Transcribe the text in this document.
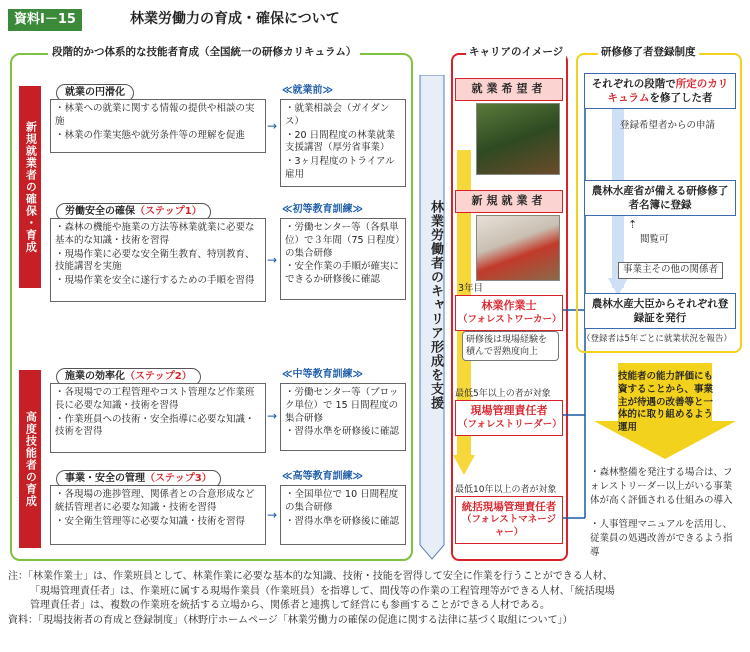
資料Ⅰ－15	林業労働力の育成・確保について
段階的かつ体系的な技能者育成（全国統一の研修カリキュラム）
新規就業者の確保・育成
高度技能者の育成
就業の円滑化
・林業への就業に関する情報の提供や相談の実施
・林業の作業実態や就労条件等の理解を促進
→
≪就業前≫
・就業相談会（ガイダンス）
・20 日間程度の林業就業支援講習（厚労省事業）
・3ヶ月程度のトライアル雇用
労働安全の確保（ステップ1）
・森林の機能や施業の方法等林業就業に必要な基本的な知識・技術を習得
・現場作業に必要な安全衛生教育、特別教育、技能講習を実施
・現場作業を安全に遂行するための手順を習得
→
≪初等教育訓練≫
・労働センター等（各県単位）で３年間（75 日程度）の集合研修
・安全作業の手順が確実にできるか研修後に確認
施業の効率化（ステップ2）
・各現場での工程管理やコスト管理など作業班長に必要な知識・技術を習得
・作業班員への技術・安全指導に必要な知識・技術を習得
→
≪中等教育訓練≫
・労働センター等（ブロック単位）で 15 日間程度の集合研修
・習得水準を研修後に確認
事業・安全の管理（ステップ3）
・各現場の進捗管理、関係者との合意形成など統括管理者に必要な知識・技術を習得
・安全衛生管理等に必要な知識・技術を習得	→
≪高等教育訓練≫
・全国単位で 10 日間程度の集合研修
・習得水準を研修後に確認
林業労働者のキャリア形成を支援
キャリアのイメージ
就業希望者
新規就業者
3年目
林業作業士
（フォレストワーカー）
研修後は現場経験を積んで習熟度向上
最低5年以上の者が対象
現場管理責任者
（フォレストリーダー）
最低10年以上の者が対象
統括現場管理責任者
（フォレストマネージャー）
研修修了者登録制度
それぞれの段階で所定のカリキュラムを修了した者
登録希望者からの申請
農林水産省が備える研修修了者名簿に登録
⇡
閲覧可
事業主その他の関係者
農林水産大臣からそれぞれ登録証を発行
（登録者は5年ごとに就業状況を報告）
技能者の能力評価にも資することから、事業主が待遇の改善等と一体的に取り組めるよう運用
・森林整備を発注する場合は、フォレストリーダー以上がいる事業体が高く評価される仕組みの導入
・人事管理マニュアルを活用し、従業員の処遇改善ができるよう指導
注：「林業作業士」は、作業班員として、林業作業に必要な基本的な知識、技術・技能を習得して安全に作業を行うことができる人材、
「現場管理責任者」は、作業班に属する現場作業員（作業班員）を指導して、間伐等の作業の工程管理等ができる人材、「統括現場
管理責任者」は、複数の作業班を統括する立場から、関係者と連携して経営にも参画することができる人材である。
資料：「現場技術者の育成と登録制度」（林野庁ホームページ「林業労働力の確保の促進に関する法律に基づく取組について」）
